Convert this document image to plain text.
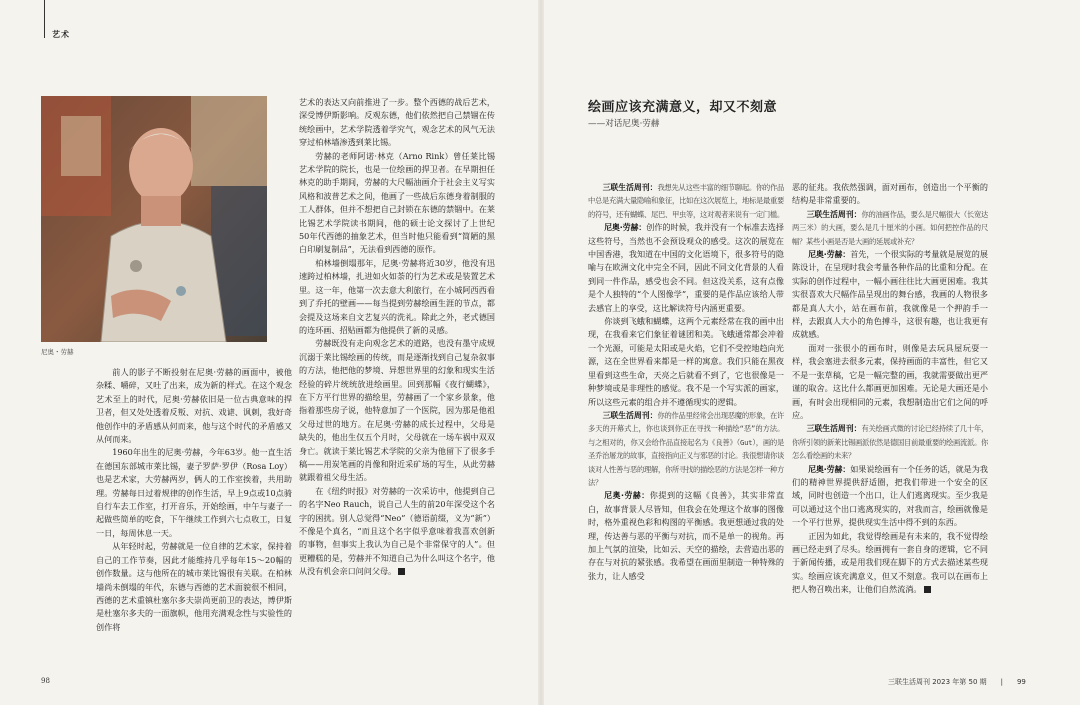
艺术
尼奥・劳赫

前人的影子不断投射在尼奥·劳赫的画面中，被他杂糅、嚼碎，又吐了出来，成为新的样式。在这个观念艺术至上的时代，尼奥·劳赫依旧是一位古典意味的捍卫者，但又处处透着反叛、对抗、戏谑、讽刺，我好奇他创作中的矛盾感从何而来，他与这个时代的矛盾感又从何而来。

1960年出生的尼奥·劳赫，今年63岁。他一直生活在德国东部城市莱比锡，妻子罗萨·罗伊（Rosa Loy）也是艺术家，大劳赫两岁，俩人的工作室挨着，共用助理。劳赫每日过着规律的创作生活，早上9点或10点骑自行车去工作室，打开音乐，开始绘画，中午与妻子一起做些简单的吃食，下午继续工作到六七点收工，日复一日，每周休息一天。

从年轻时起，劳赫就是一位自律的艺术家，保持着自己的工作节奏，因此才能维持几乎每年15～20幅的创作数量。这与他所在的城市莱比锡很有关联。在柏林墙尚未倒塌的年代，东德与西德的艺术面貌很不相同，西德的艺术重镇杜塞尔多夫崇尚更前卫的表达，博伊斯是杜塞尔多夫的一面旗帜，他用充满观念性与实验性的创作将

艺术的表达又向前推进了一步。整个西德的战后艺术，深受博伊斯影响。反观东德，他们依然把自己禁锢在传统绘画中，艺术学院透着学究气，观念艺术的风气无法穿过柏林墙渗透到莱比锡。

劳赫的老师阿诺·林克（Arno Rink）曾任莱比锡艺术学院的院长，也是一位绘画的捍卫者。在早期担任林克的助手期间，劳赫的大尺幅油画介于社会主义写实风格和波普艺术之间，他画了一些战后东德身着制服的工人群体，但并不想把自己封锁在东德的禁锢中。在莱比锡艺术学院读书期间，他的硕士论文探讨了上世纪50年代西德的抽象艺术，但当时他只能看到“简陋的黑白印刷复制品”，无法看到西德的原作。

柏林墙倒塌那年，尼奥·劳赫将近30岁，他没有迅速跨过柏林墙，扎进如火如荼的行为艺术或是装置艺术里。这一年，他第一次去意大利旅行，在小城阿西西看到了乔托的壁画——每当提到劳赫绘画生涯的节点，都会提及这场来自文艺复兴的洗礼。除此之外，老式德国的连环画、招贴画都为他提供了新的灵感。

劳赫既没有走向观念艺术的道路，也没有墨守成规沉溺于莱比锡绘画的传统，而是逐渐找到自己复杂叙事的方法，他把他的梦境、异想世界里的幻象和现实生活经验的碎片统统放进绘画里。回到那幅《夜行蝴蝶》，在下方平行世界的描绘里，劳赫画了一个家乡景象，他指着那些房子说，他特意加了一个医院，因为那是他祖父母过世的地方。在尼奥·劳赫的成长过程中，父母是缺失的，他出生仅五个月时，父母就在一场车祸中双双身亡。就读于莱比锡艺术学院的父亲为他留下了很多手稿——用炭笔画的肖像和附近采矿场的写生，从此劳赫就跟着祖父母生活。

在《纽约时报》对劳赫的一次采访中，他提到自己的名字Neo Rauch，说自己人生的前20年深受这个名字的困扰。别人总觉得“Neo”（德语前缀，义为“新”）不像是个真名，“而且这个名字似乎意味着我喜欢创新的事物，但事实上我认为自己是个非常保守的人”。但更糟糕的是，劳赫并不知道自己为什么叫这个名字，他从没有机会亲口问问父母。

98
绘画应该充满意义，却又不刻意
——对话尼奥·劳赫

三联生活周刊：我想先从这些丰富的细节聊起。你的作品中总是充满大量隐喻和象征，比如在这次展览上，地标是最重要的符号，还有蝴蝶、尾巴、甲虫等，这对观者来说有一定门槛。

尼奥·劳赫：创作的时候，我并没有一个标准去选择这些符号，当然也不会预设观众的感受。这次的展览在中国香港，我知道在中国的文化语境下，很多符号的隐喻与在欧洲文化中完全不同，因此不同文化背景的人看到同一件作品，感受也会不同。但这没关系，这有点像是个人独特的“个人图像学”，重要的是作品应该给人带去感官上的享受，这比解读符号内涵更重要。

你谈到飞蛾和蝴蝶，这两个元素经常在我的画中出现，在我看来它们象征着谜团和美。飞蛾通常都会冲着一个光源，可能是太阳或是火焰，它们不受控地趋向光源，这在全世界看来都是一样的寓意。我们只能在黑夜里看到这些生命，天亮之后就看不到了，它也很像是一种梦境或是非理性的感觉。我不是一个写实派的画家，所以这些元素的组合并不遵循现实的逻辑。

三联生活周刊：你的作品里经常会出现恶魔的形象，在许多天的开幕式上，你也谈到你正在寻找一种描绘“恶”的方法。与之相对的，你又会给作品直接起名为《良善》（Gut），画的是圣乔治屠龙的故事，直接指向正义与邪恶的讨论。我很想请你谈谈对人性善与恶的理解，你所寻找的描绘恶的方法是怎样一种方法？

尼奥·劳赫：你提到的这幅《良善》，其实非常直白，故事背景人尽皆知，但我会在处理这个故事的图像时，格外重视色彩和构图的平衡感。我更想通过我的处理，传达善与恶的平衡与对抗，而不是单一的视角。再加上气氛的渲染，比如云、天空的描绘，去营造出恶的存在与对抗的紧张感。我希望在画面里制造一种特殊的张力，让人感受

恶的征兆。我依然强调，面对画布，创造出一个平衡的结构是非常重要的。

三联生活周刊：你的油画作品，要么是尺幅很大（长宽达两三米）的大画，要么是几十厘米的小画。如何把控作品的尺幅？某些小画是否是大画的延展或补充？

尼奥·劳赫：首先，一个很实际的考量就是展览的展陈设计，在呈现时我会考量各种作品的比重和分配。在实际的创作过程中，一幅小画往往比大画更困难。我其实很喜欢大尺幅作品呈现出的舞台感，我画的人物很多都是真人大小，站在画布前，我就像是一个押韵手一样，去跟真人大小的角色搏斗，这很有趣，也让我更有成就感。

面对一张很小的画布时，则像是去玩具屋玩耍一样，我会塞进去很多元素，保持画面的丰富性，但它又不是一张草稿，它是一幅完整的画，我就需要做出更严谨的取舍。这比什么都画更加困难。无论是大画还是小画，有时会出现相同的元素，我想制造出它们之间的呼应。

三联生活周刊：有关绘画式微的讨论已经持续了几十年，你所引领的新莱比锡画派依然是德国目前最重要的绘画流派。你怎么看绘画的未来？

尼奥·劳赫：如果说绘画有一个任务的话，就是为我们的精神世界提供舒适圈，把我们带进一个安全的区域，同时也创造一个出口，让人们逃离现实。至少我是可以通过这个出口逃离现实的，对我而言，绘画就像是一个平行世界，提供现实生活中得不到的东西。

正因为如此，我觉得绘画是有未来的，我不觉得绘画已经走到了尽头。绘画拥有一套自身的逻辑，它不同于新闻传播，或是用我们现在脚下的方式去描述某些现实。绘画应该充满意义，但又不刻意。我可以在画布上把人物召唤出来，让他们自然流淌。

三联生活周刊 2023 年第 50 期　　|　　99
